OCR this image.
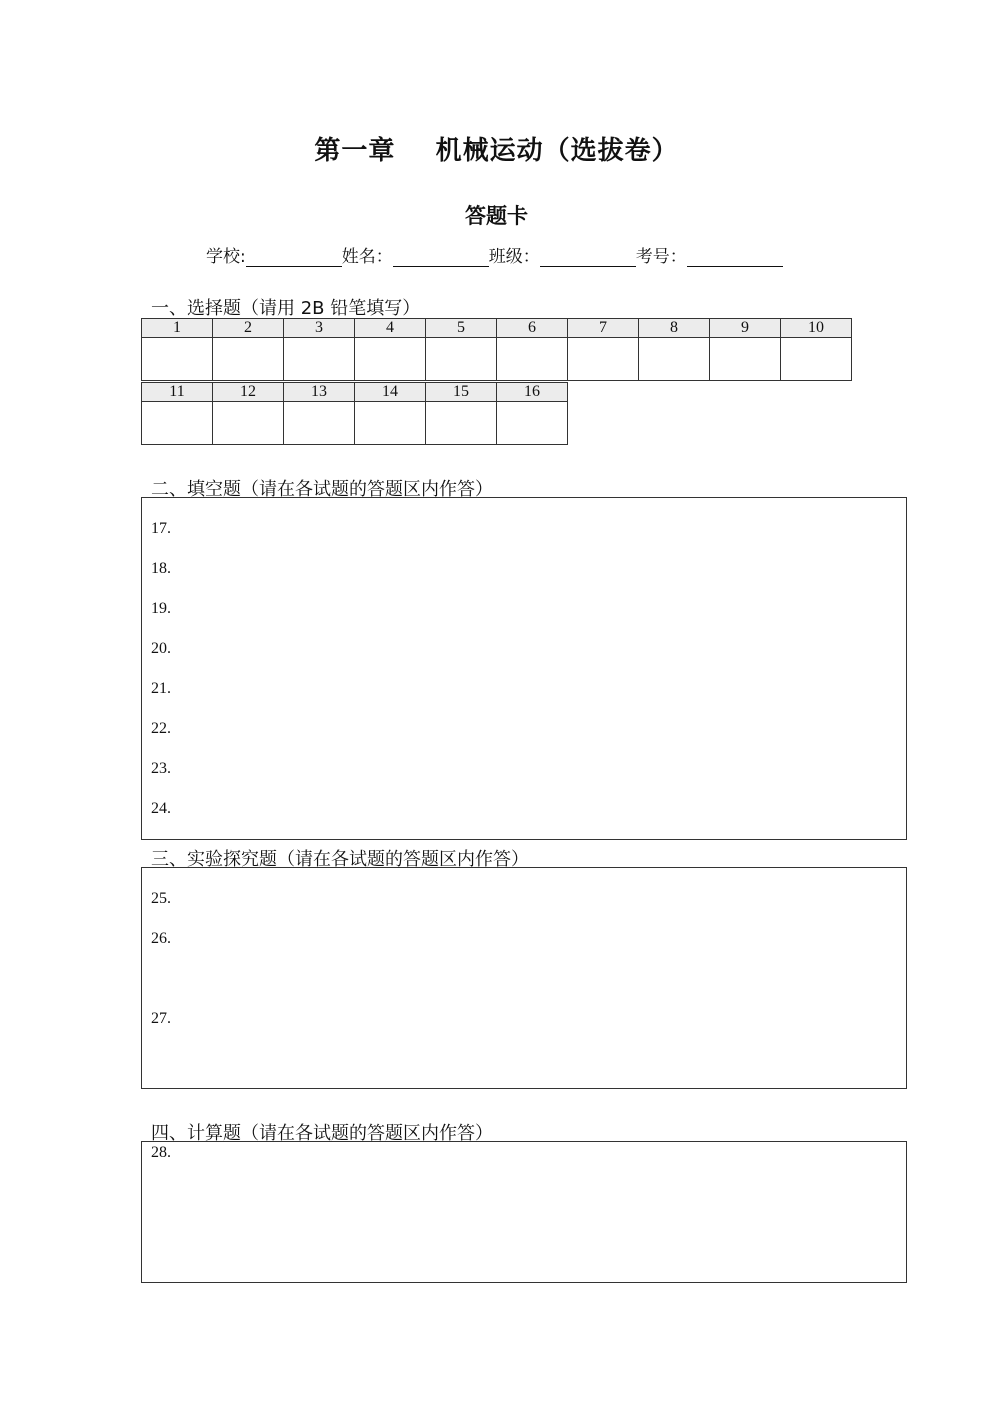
第一章    机械运动（选拔卷）
答题卡
学校:	姓名：	班级：	考号：
一、选择题（请用 2B 铅笔填写）
1	2	3	4	5	6	7	8	9	10

11	12	13	14	15	16

二、填空题（请在各试题的答题区内作答）
17.
18.
19.
20.
21.
22.
23.
24.
三、实验探究题（请在各试题的答题区内作答）
25.
26.
27.
四、计算题（请在各试题的答题区内作答）
28.
